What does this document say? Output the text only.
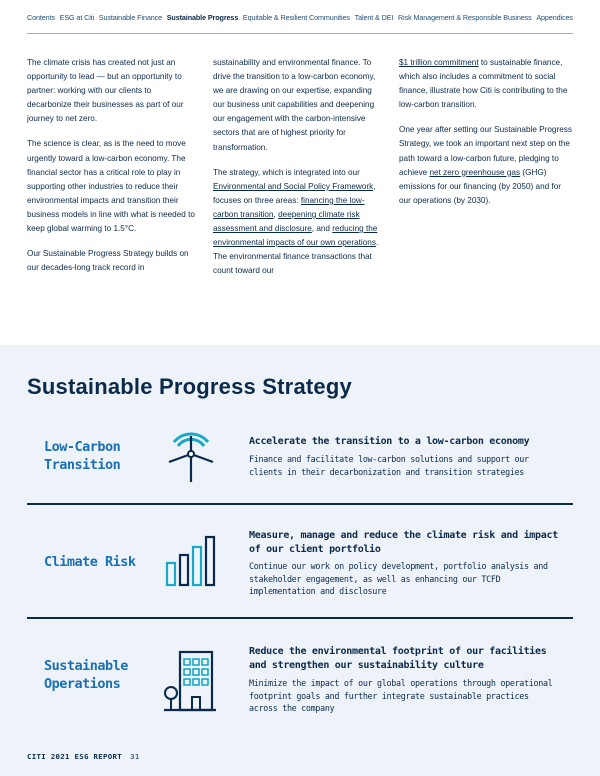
Contents ESG at Citi Sustainable Finance Sustainable Progress Equitable & Resilient Communities Talent & DEI Risk Management & Responsible Business Appendices

The climate crisis has created not just an opportunity to lead — but an opportunity to partner: working with our clients to decarbonize their businesses as part of our journey to net zero.

The science is clear, as is the need to move urgently toward a low-carbon economy. The financial sector has a critical role to play in supporting other industries to reduce their environmental impacts and transition their business models in line with what is needed to keep global warming to 1.5°C.

Our Sustainable Progress Strategy builds on our decades-long track record in

sustainability and environmental finance. To drive the transition to a low-carbon economy, we are drawing on our expertise, expanding our business unit capabilities and deepening our engagement with the carbon-intensive sectors that are of highest priority for transformation.

The strategy, which is integrated into our Environmental and Social Policy Framework, focuses on three areas: financing the low-carbon transition, deepening climate risk assessment and disclosure, and reducing the environmental impacts of our own operations. The environmental finance transactions that count toward our

$1 trillion commitment to sustainable finance, which also includes a commitment to social finance, illustrate how Citi is contributing to the low-carbon transition.

One year after setting our Sustainable Progress Strategy, we took an important next step on the path toward a low-carbon future, pledging to achieve net zero greenhouse gas (GHG) emissions for our financing (by 2050) and for our operations (by 2030).

Sustainable Progress Strategy
Low-Carbon
Transition
Accelerate the transition to a low-carbon economy
Finance and facilitate low-carbon solutions and support our clients in their decarbonization and transition strategies
Climate Risk
Measure, manage and reduce the climate risk and impact of our client portfolio
Continue our work on policy development, portfolio analysis and stakeholder engagement, as well as enhancing our TCFD implementation and disclosure
Sustainable
Operations
Reduce the environmental footprint of our facilities and strengthen our sustainability culture
Minimize the impact of our global operations through operational footprint goals and further integrate sustainable practices across the company
CITI 2021 ESG REPORT 31
